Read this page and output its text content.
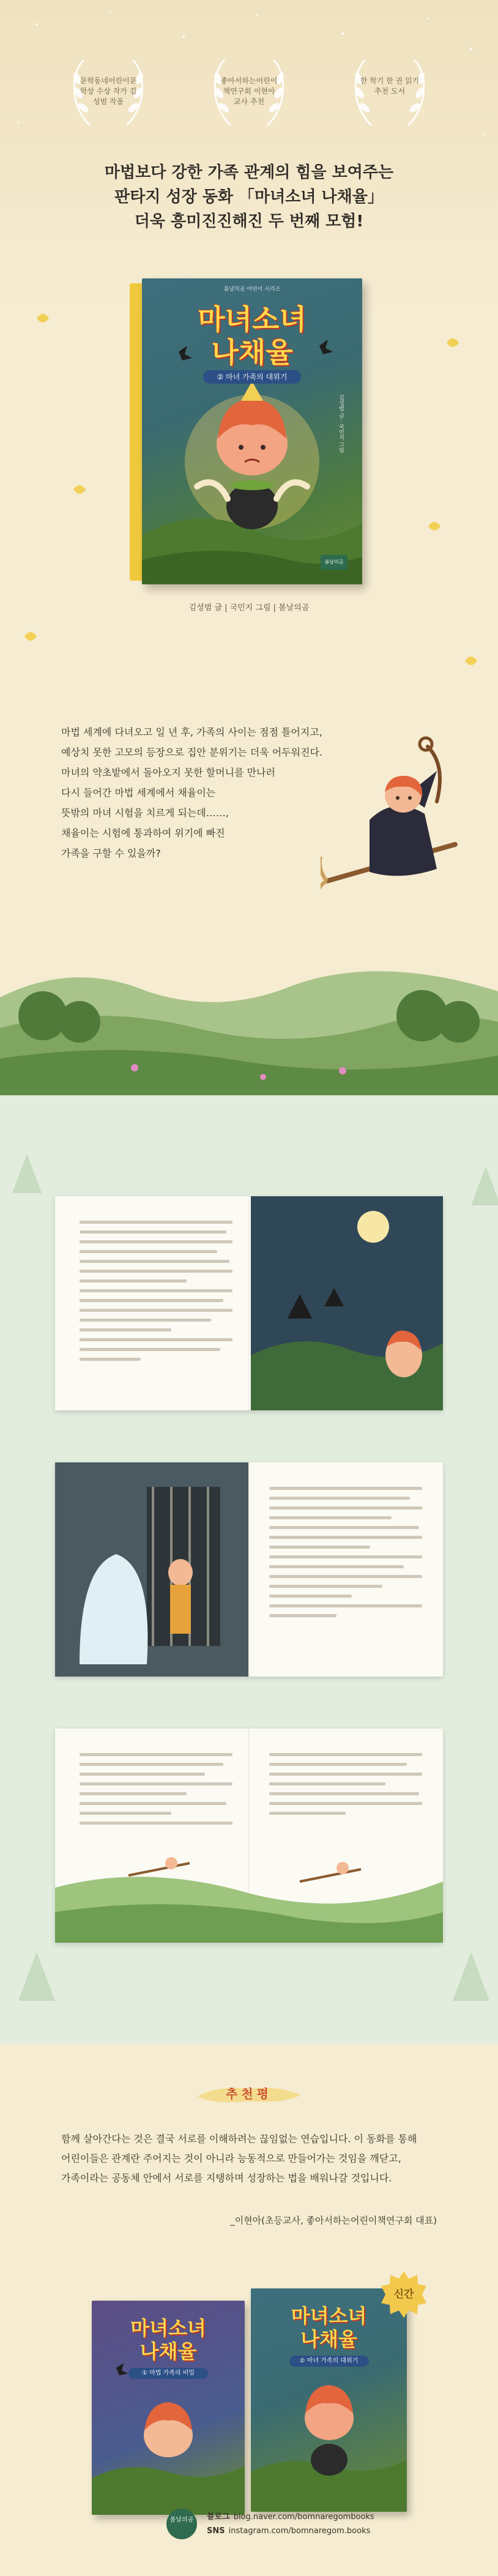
문학동네어린이문학상 수상 작가 김성범 작품
좋아서하는어린이책연구회 이현아 교사 추천
한 학기 한 권 읽기 추천 도서
마법보다 강한 가족 관계의 힘을 보여주는
판타지 성장 동화 「마녀소녀 나채율」
더욱 흥미진진해진 두 번째 모험!
봄날의곰 어린이 시리즈
마녀소녀
나채율
② 마녀 가족의 대위기
김성범 글 · 국민지 그림
봄날의곰
김성범 글 | 국민지 그림 | 봄날의곰
마법 세계에 다녀오고 일 년 후, 가족의 사이는 점점 틀어지고,
예상치 못한 고모의 등장으로 집안 분위기는 더욱 어두워진다.
마녀의 약초밭에서 돌아오지 못한 할머니를 만나러
다시 들어간 마법 세계에서 채율이는
뜻밖의 마녀 시험을 치르게 되는데……,
채율이는 시험에 통과하여 위기에 빠진
가족을 구할 수 있을까?
추천평
함께 살아간다는 것은 결국 서로를 이해하려는 끊임없는 연습입니다. 이 동화를 통해 어린이들은 관계란 주어지는 것이 아니라 능동적으로 만들어가는 것임을 깨닫고, 가족이라는 공동체 안에서 서로를 지탱하며 성장하는 법을 배워나갈 것입니다.
_이현아(초등교사, 좋아서하는어린이책연구회 대표)
마녀소녀
나채율
① 마법 가족의 비밀
마녀소녀
나채율
② 마녀 가족의 대위기
신간
봄날의곰	블로그 blog.naver.com/bomnaregombooks
SNS instagram.com/bomnaregom.books
